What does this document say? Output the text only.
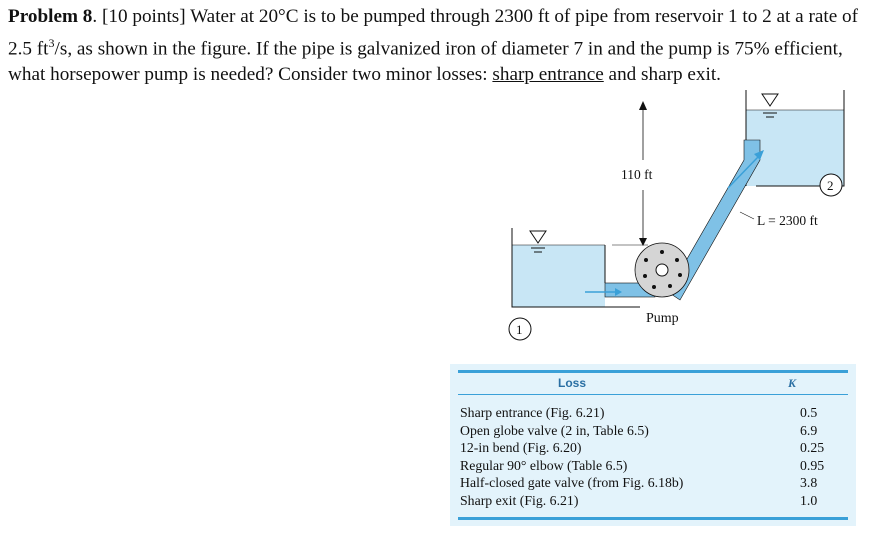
Problem 8. [10 points] Water at 20°C is to be pumped through 2300 ft of pipe from reservoir 1 to 2 at a rate of 2.5 $ft^3/s$, as shown in the figure. If the pipe is galvanized iron of diameter 7 in and the pump is 75% efficient, what horsepower pump is needed? Consider two minor losses: sharp entrance and sharp exit.
110 ft
L = 2300 ft
2
1
Pump
Loss	K
Sharp entrance (Fig. 6.21)	0.5
Open globe valve (2 in, Table 6.5)	6.9
12-in bend (Fig. 6.20)	0.25
Regular 90° elbow (Table 6.5)	0.95
Half-closed gate valve (from Fig. 6.18b)	3.8
Sharp exit (Fig. 6.21)	1.0
